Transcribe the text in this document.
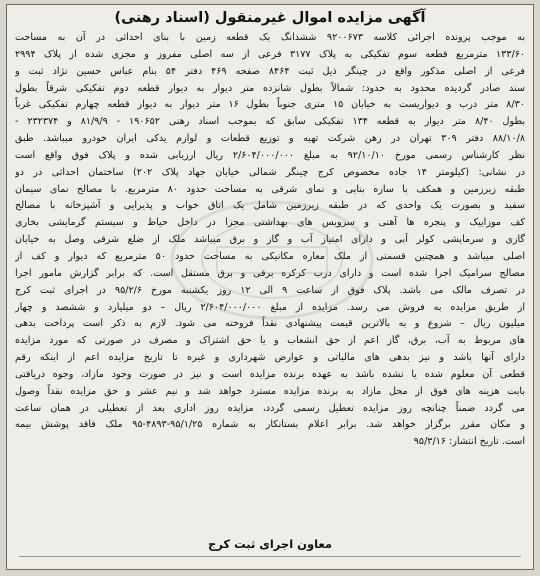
آگهی مزایده اموال غیرمنقول (اسناد رهنی)
به موجب پرونده اجرائی کلاسه ۹۲۰۰۶۷۳ ششدانگ یک قطعه زمین با بنای احداثی در آن به مساحت
۱۳۳/۶۰ مترمربع قطعه سوم تفکیکی به پلاک ۳۱۷۷ فرعی از سه اصلی مفروز و مجزی شده از پلاک ۲۹۹۴
فرعی از اصلی مذکور واقع در چینگر ذیل ثبت ۸۴۶۴ صفحه ۴۶۹ دفتر ۵۴ بنام عباس حسین نژاد ثبت و
سند صادر گردیده محدود به حدود: شمالاً بطول شانزده متر دیوار به دیوار قطعه دوم تفکیکی شرقاً بطول
۸/۳۰ متر درب و دیواریست به خیابان ۱۵ متری جنوباً بطول ۱۶ متر دیوار به دیوار قطعه چهارم تفکیکی غرباً
بطول ۸/۴۰ متر دیوار به قطعه ۱۳۴ تفکیکی سابق که بموجب اسناد رهنی ۱۹۰۶۵۲ - ۸۱/۹/۹ و ۲۳۲۳۷۴ -
۸۸/۱۰/۸ دفتر ۳۰۹ تهران در رهن شرکت تهیه و توزیع قطعات و لوازم یدکی ایران خودرو میباشد. طبق
نظر کارشناس رسمی مورخ ۹۲/۱۰/۱۰ به مبلغ ۲/۶۰۴/۰۰۰/۰۰۰ ریال ارزیابی شده و پلاک فوق واقع است
در نشانی: (کیلومتر ۱۴ جاده مخصوص کرج چینگر شمالی خیابان جهاد پلاک ۲۰۲) ساختمان احداثی در دو
طبقه زیرزمین و همکف با سازه بنایی و نمای شرقی به مساحت حدود ۸۰ مترمربع. با مصالح نمای سیمان
سفید و بصورت یک واحدی که در طبقه زیرزمین شامل یک اتاق خواب و پذیرایی و آشپزخانه با مصالح
کف موزاییک و پنجره ها آهنی و سرویس های بهداشتی مجزا در داخل حیاط و سیستم گرمایشی بخاری
گازی و سرمایشی کولر آبی و دارای امتیاز آب و گاز و برق میباشد ملک از ضلع شرقی وصل به خیابان
اصلی میباشد و همچنین قسمتی از ملک معاره مکانیکی به مساحت حدود ۵۰ مترمربع که دیوار و کف از
مصالح سرامیک اجرا شده است و دارای درب کرکره برقی و برق مستقل است. که برابر گزارش مامور اجرا
در تصرف مالک می باشد. پلاک فوق از ساعت ۹ الی ۱۲ روز یکشنبه مورخ ۹۵/۲/۶ در اجرای ثبت کرج
از طریق مزایده به فروش می رسد. مزایده از مبلغ ۲/۶۰۴/۰۰۰/۰۰۰ ریال – دو میلیارد و ششصد و چهار
میلیون ریال – شروع و به بالاترین قیمت پیشنهادی نقداً فروخته می شود. لازم به ذکر است پرداخت بدهی
های مربوط به آب، برق، گاز اعم از حق انشعاب و یا حق اشتراک و مصرف در صورتی که مورد مزایده
دارای آنها باشد و نیز بدهی های مالیاتی و عوارض شهرداری و غیره تا تاریخ مزایده اعم از اینکه رقم
قطعی آن معلوم شده یا نشده باشد به عهده برنده مزایده است و نیز در صورت وجود مازاد، وجوه دریافتی
بابت هزینه های فوق از محل مازاد به برنده مزایده مسترد خواهد شد و نیم عشر و حق مزایده نقداً وصول
می گردد ضمناً چنانچه روز مزایده تعطیل رسمی گردد، مزایده روز اداری بعد از تعطیلی در همان ساعت
و مکان مقرر برگزار خواهد شد. برابر اعلام بستانکار به شماره ۹۵/۱/۲۵-۴۸۹۳-۹۵ ملک فاقد پوشش بیمه
است. تاریخ انتشار: ۹۵/۳/۱۶
معاون اجرای ثبت کرج
